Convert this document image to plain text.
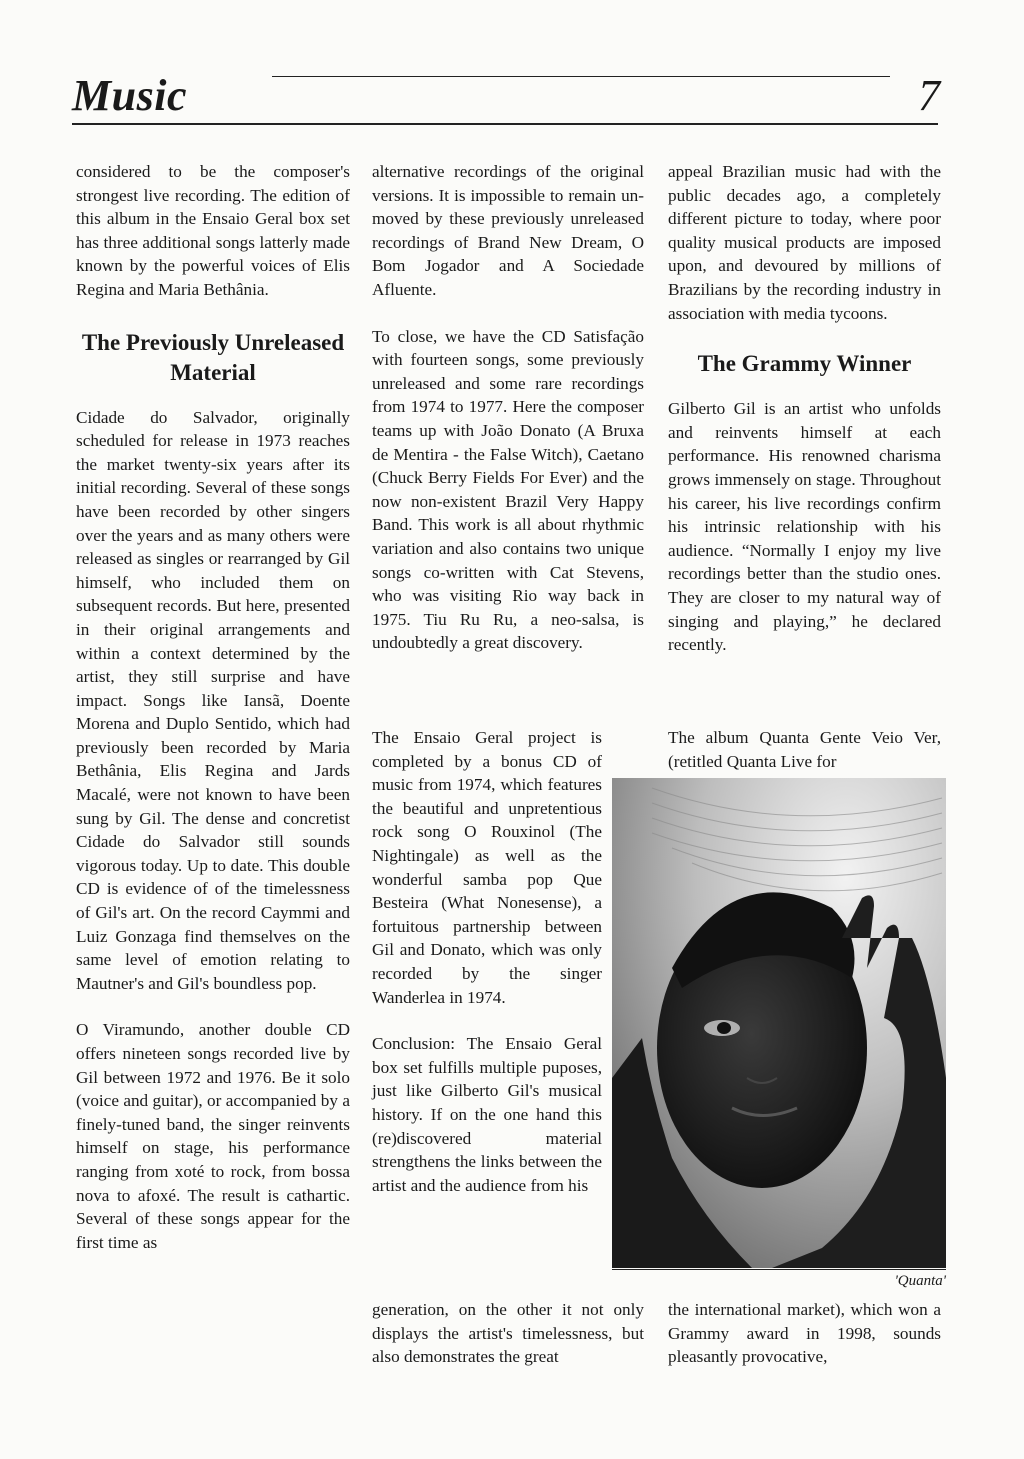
Music	7

considered to be the composer's strongest live recording. The edition of this album in the Ensaio Geral box set has three additional songs latterly made known by the powerful voices of Elis Regina and Maria Bethânia.

The Previously Unreleased Material

Cidade do Salvador, originally scheduled for release in 1973 reaches the market twenty-six years after its initial recording. Several of these songs have been recorded by other singers over the years and as many others were released as singles or rearranged by Gil himself, who included them on subsequent records. But here, presented in their original arrangements and within a context determined by the artist, they still surprise and have impact. Songs like Iansã, Doente Morena and Duplo Sentido, which had previously been recorded by Maria Bethânia, Elis Regina and Jards Macalé, were not known to have been sung by Gil. The dense and concretist Cidade do Salvador still sounds vigorous today. Up to date. This double CD is evidence of of the timelessness of Gil's art. On the record Caymmi and Luiz Gonzaga find themselves on the same level of emotion relating to Mautner's and Gil's boundless pop.

O Viramundo, another double CD offers nineteen songs recorded live by Gil between 1972 and 1976. Be it solo (voice and guitar), or accompanied by a finely-tuned band, the singer reinvents himself on stage, his performance ranging from xoté to rock, from bossa nova to afoxé. The result is cathartic. Several of these songs appear for the first time as

alternative recordings of the original versions. It is impossible to remain un- moved by these previously unreleased recordings of Brand New Dream, O Bom Jogador and A Sociedade Afluente.

To close, we have the CD Satisfação with fourteen songs, some previously unreleased and some rare recordings from 1974 to 1977. Here the composer teams up with João Donato (A Bruxa de Mentira - the False Witch), Caetano (Chuck Berry Fields For Ever) and the now non-existent Brazil Very Happy Band. This work is all about rhythmic variation and also contains two unique songs co-written with Cat Stevens, who was visiting Rio way back in 1975. Tiu Ru Ru, a neo-salsa, is undoubtedly a great discovery.

The Ensaio Geral project is completed by a bonus CD of music from 1974, which features the beautiful and unpretentious rock song O Rouxinol (The Nightingale) as well as the wonderful samba pop Que Besteira (What Nonesense), a fortuitous partnership between Gil and Donato, which was only recorded by the singer Wanderlea in 1974.

Conclusion: The Ensaio Geral box set fulfills multiple puposes, just like Gilberto Gil's musical history. If on the one hand this (re)discovered material strengthens the links between the artist and the audience from his

generation, on the other it not only displays the artist's timelessness, but also demonstrates the great

appeal Brazilian music had with the public decades ago, a completely different picture to today, where poor quality musical products are imposed upon, and devoured by millions of Brazilians by the recording industry in association with media tycoons.

The Grammy Winner

Gilberto Gil is an artist who unfolds and reinvents himself at each performance. His renowned charisma grows immensely on stage. Throughout his career, his live recordings confirm his intrinsic relationship with his audience. “Normally I enjoy my live recordings better than the studio ones. They are closer to my natural way of singing and playing,” he declared recently.

The album Quanta Gente Veio Ver, (retitled Quanta Live for

the international market), which won a Grammy award in 1998, sounds pleasantly provocative,

'Quanta'
